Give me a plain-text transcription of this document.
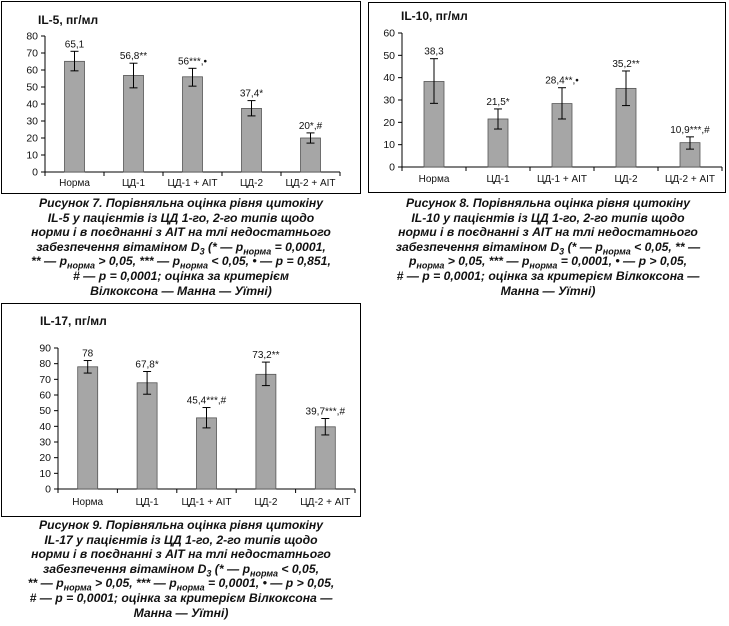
IL-5, пг/мл
0
10
20
30
40
50
60
70
80
65,1
Норма
56,8**
ЦД-1
56***,•
ЦД-1 + АІТ
37,4*
ЦД-2
20*,#
ЦД-2 + АІТ
Рисунок 7. Порівняльна оцінка рівня цитокіну
IL-5 у пацієнтів із ЦД 1-го, 2-го типів щодо
норми і в поєднанні з АІТ на тлі недостатнього
забезпечення вітаміном $D_3$ (* — $p_{норма} = 0,0001$,
** — $p_{норма} > 0,05$, *** — $p_{норма} < 0,05$, • — p = 0,851,
# — p = 0,0001; оцінка за критерієм
Вілкоксона — Манна — Уїтні)
IL-10, пг/мл
0
10
20
30
40
50
60
38,3
Норма
21,5*
ЦД-1
28,4**,•
ЦД-1 + АІТ
35,2**
ЦД-2
10,9***,#
ЦД-2 + АІТ
Рисунок 8. Порівняльна оцінка рівня цитокіну
IL-10 у пацієнтів із ЦД 1-го, 2-го типів щодо
норми і в поєднанні з АІТ на тлі недостатнього
забезпечення вітаміном $D_3$ (* — $p_{норма} < 0,05$, ** —
$p_{норма} > 0,05$, *** — $p_{норма} = 0,0001$, • — p > 0,05,
# — p = 0,0001; оцінка за критерієм Вілкоксона —
Манна — Уїтні)
IL-17, пг/мл
0
10
20
30
40
50
60
70
80
90	78
Норма
67,8*
ЦД-1
45,4***,#
ЦД-1 + АІТ
73,2**
ЦД-2
39,7***,#
ЦД-2 + АІТ
Рисунок 9. Порівняльна оцінка рівня цитокіну
IL-17 у пацієнтів із ЦД 1-го, 2-го типів щодо
норми і в поєднанні з АІТ на тлі недостатнього
забезпечення вітаміном $D_3$ (* — $p_{норма} < 0,05$,
** — $p_{норма} > 0,05$, *** — $p_{норма} = 0,0001$, • — p > 0,05,
# — p = 0,0001; оцінка за критерієм Вілкоксона —
Манна — Уїтні)
